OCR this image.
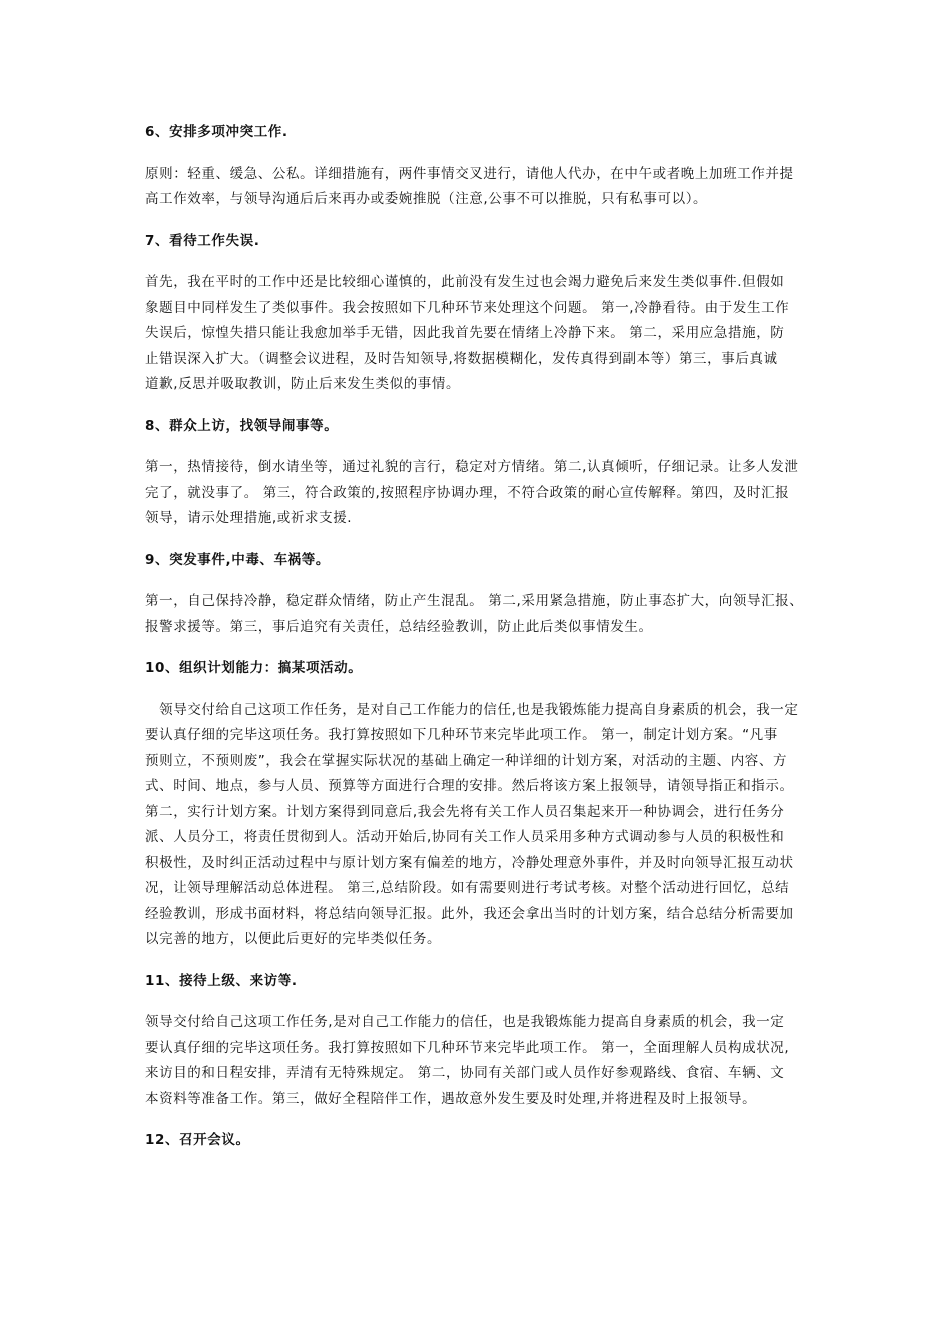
6、安排多项冲突工作.
原则：轻重、缓急、公私。详细措施有，两件事情交叉进行，请他人代办，在中午或者晚上加班工作并提
高工作效率，与领导沟通后后来再办或委婉推脱（注意,公事不可以推脱，只有私事可以）。
7、看待工作失误.
首先，我在平时的工作中还是比较细心谨慎的，此前没有发生过也会竭力避免后来发生类似事件.但假如
象题目中同样发生了类似事件。我会按照如下几种环节来处理这个问题。 第一,冷静看待。由于发生工作
失误后，惊惶失措只能让我愈加举手无错，因此我首先要在情绪上冷静下来。 第二，采用应急措施，防
止错误深入扩大。（调整会议进程，及时告知领导,将数据模糊化，发传真得到副本等）第三，事后真诚
道歉,反思并吸取教训，防止后来发生类似的事情。
8、群众上访，找领导闹事等。
第一，热情接待，倒水请坐等，通过礼貌的言行，稳定对方情绪。第二,认真倾听，仔细记录。让多人发泄
完了，就没事了。 第三，符合政策的,按照程序协调办理，不符合政策的耐心宣传解释。第四，及时汇报
领导，请示处理措施,或祈求支援.
9、突发事件,中毒、车祸等。
第一，自己保持冷静，稳定群众情绪，防止产生混乱。 第二,采用紧急措施，防止事态扩大，向领导汇报、
报警求援等。第三，事后追究有关责任，总结经验教训，防止此后类似事情发生。
10、组织计划能力：搞某项活动。
　领导交付给自己这项工作任务，是对自己工作能力的信任,也是我锻炼能力提高自身素质的机会，我一定
要认真仔细的完毕这项任务。我打算按照如下几种环节来完毕此项工作。 第一，制定计划方案。“凡事
预则立，不预则废”，我会在掌握实际状况的基础上确定一种详细的计划方案，对活动的主题、内容、方
式、时间、地点，参与人员、预算等方面进行合理的安排。然后将该方案上报领导，请领导指正和指示。
第二，实行计划方案。计划方案得到同意后,我会先将有关工作人员召集起来开一种协调会，进行任务分
派、人员分工，将责任贯彻到人。活动开始后,协同有关工作人员采用多种方式调动参与人员的积极性和
积极性，及时纠正活动过程中与原计划方案有偏差的地方，冷静处理意外事件，并及时向领导汇报互动状
况，让领导理解活动总体进程。 第三,总结阶段。如有需要则进行考试考核。对整个活动进行回忆，总结
经验教训，形成书面材料，将总结向领导汇报。此外，我还会拿出当时的计划方案，结合总结分析需要加
以完善的地方，以便此后更好的完毕类似任务。
11、接待上级、来访等.
领导交付给自己这项工作任务,是对自己工作能力的信任，也是我锻炼能力提高自身素质的机会，我一定
要认真仔细的完毕这项任务。我打算按照如下几种环节来完毕此项工作。 第一，全面理解人员构成状况,
来访目的和日程安排，弄清有无特殊规定。 第二，协同有关部门或人员作好参观路线、食宿、车辆、文
本资料等准备工作。第三，做好全程陪伴工作，遇故意外发生要及时处理,并将进程及时上报领导。
12、召开会议。
